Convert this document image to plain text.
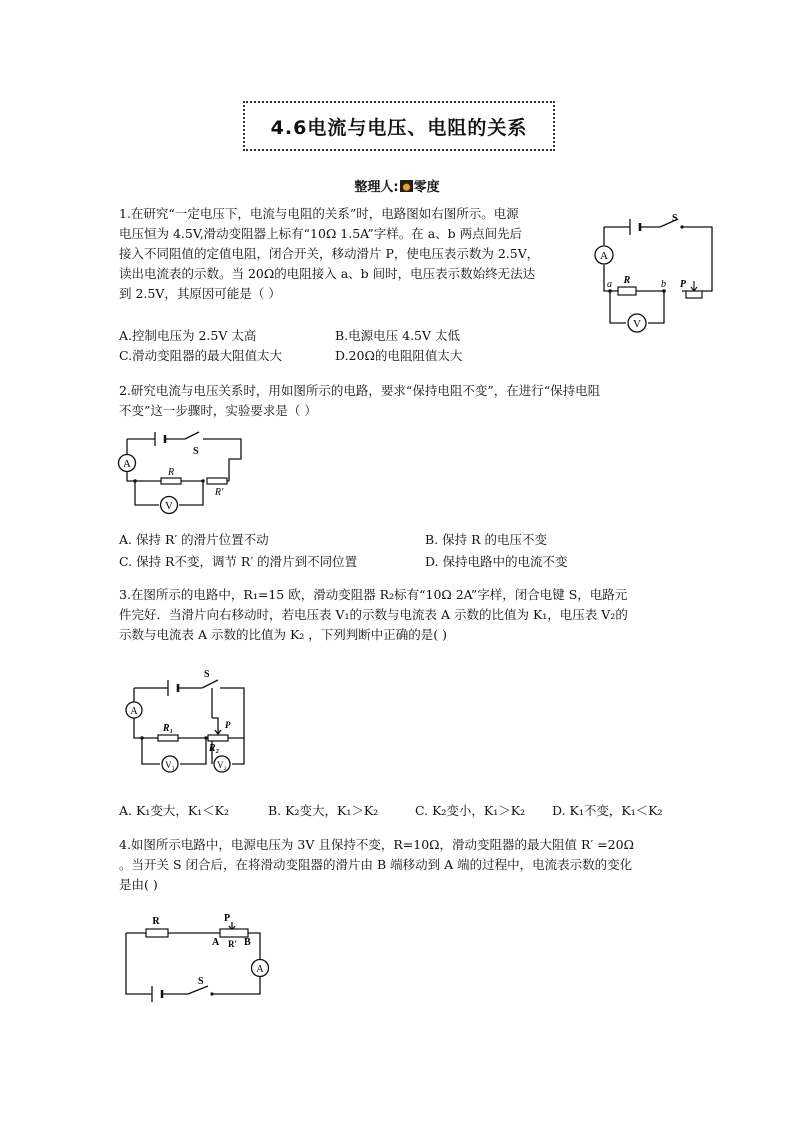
4.6电流与电压、电阻的关系
整理人: 零度

1.在研究“一定电压下，电流与电阻的关系”时，电路图如右图所示。电源

电压恒为 4.5V,滑动变阻器上标有“10Ω 1.5A”字样。在 a、b 两点间先后

接入不同阻值的定值电阻，闭合开关，移动滑片 P，使电压表示数为 2.5V，

读出电流表的示数。当 20Ω的电阻接入 a、b 间时，电压表示数始终无法达

到 2.5V，其原因可能是（ ）

A.控制电压为 2.5V 太高	B.电源电压 4.5V 太低
C.滑动变阻器的最大阻值太大	D.20Ω的电阻阻值太大
A
S
R
a	b P
V

2.研究电流与电压关系时，用如图所示的电路，要求“保持电阻不变”，在进行“保持电阻

不变”这一步骤时，实验要求是（ ）

A
S
R
R′
V
A. 保持 R′ 的滑片位置不动	B. 保持 R 的电压不变
C. 保持 R不变，调节 R′ 的滑片到不同位置	D. 保持电路中的电流不变

3.在图所示的电路中，R₁=15 欧，滑动变阻器 R₂标有“10Ω 2A”字样，闭合电键 S，电路元

件完好．当滑片向右移动时，若电压表 V₁的示数与电流表 A 示数的比值为 K₁，电压表 V₂的

示数与电流表 A 示数的比值为 K₂ ，下列判断中正确的是( )

A
S
R₁
R₂
P
V₁	V₂
A. K₁变大，K₁＜K₂	B. K₂变大，K₁＞K₂	C. K₂变小，K₁＞K₂ D. K₁不变，K₁＜K₂

4.如图所示电路中，电源电压为 3V 且保持不变，R=10Ω，滑动变阻器的最大阻值 R′ =20Ω

。当开关 S 闭合后，在将滑动变阻器的滑片由 B 端移动到 A 端的过程中，电流表示数的变化

是由( )

R	P
A R′ B
A
S
